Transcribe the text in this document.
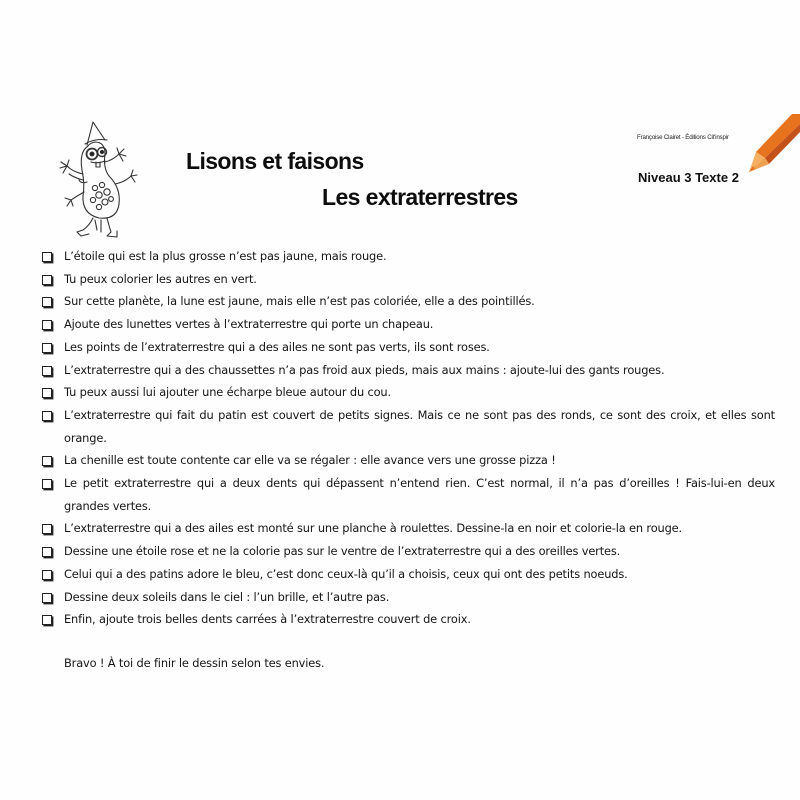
Lisons et faisons
Les extraterrestres
Françoise Clairet - Éditions Cit'inspir
Niveau 3 Texte 2
L’étoile qui est la plus grosse n’est pas jaune, mais rouge.
Tu peux colorier les autres en vert.
Sur cette planète, la lune est jaune, mais elle n’est pas coloriée, elle a des pointillés.
Ajoute des lunettes vertes à l’extraterrestre qui porte un chapeau.
Les points de l’extraterrestre qui a des ailes ne sont pas verts, ils sont roses.
L’extraterrestre qui a des chaussettes n’a pas froid aux pieds, mais aux mains : ajoute-lui des gants rouges.
Tu peux aussi lui ajouter une écharpe bleue autour du cou.
L’extraterrestre qui fait du patin est couvert de petits signes. Mais ce ne sont pas des ronds, ce sont des croix, et elles sont orange.
La chenille est toute contente car elle va se régaler : elle avance vers une grosse pizza !
Le petit extraterrestre qui a deux dents qui dépassent n’entend rien. C’est normal, il n’a pas d’oreilles ! Fais-lui-en deux grandes vertes.
L’extraterrestre qui a des ailes est monté sur une planche à roulettes. Dessine-la en noir et colorie-la en rouge.
Dessine une étoile rose et ne la colorie pas sur le ventre de l’extraterrestre qui a des oreilles vertes.
Celui qui a des patins adore le bleu, c’est donc ceux-là qu’il a choisis, ceux qui ont des petits noeuds.
Dessine deux soleils dans le ciel : l’un brille, et l’autre pas.
Enfin, ajoute trois belles dents carrées à l’extraterrestre couvert de croix.
Bravo ! À toi de finir le dessin selon tes envies.
